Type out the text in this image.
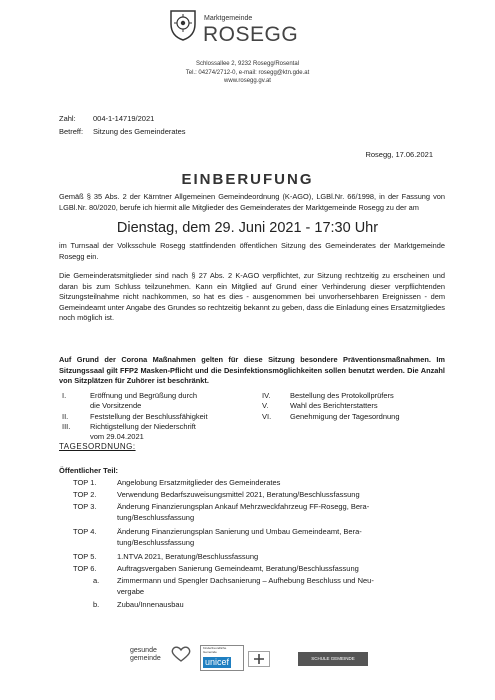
Marktgemeinde
ROSEGG
Schlossallee 2, 9232 Rosegg/Rosental
Tel.: 04274/2712-0, e-mail: rosegg@ktn.gde.at
www.rosegg.gv.at
Zahl: 004-1-14719/2021
Betreff: Sitzung des Gemeinderates
Rosegg, 17.06.2021
EINBERUFUNG
Gemäß § 35 Abs. 2 der Kärntner Allgemeinen Gemeindeordnung (K-AGO), LGBl.Nr. 66/1998, in der Fassung von LGBl.Nr. 80/2020, berufe ich hiermit alle Mitglieder des Gemeinderates der Marktgemeinde Rosegg zu der am
Dienstag, dem 29. Juni 2021 - 17:30 Uhr
im Turnsaal der Volksschule Rosegg stattfindenden öffentlichen Sitzung des Gemeinderates der Marktgemeinde Rosegg ein.
Die Gemeinderatsmitglieder sind nach § 27 Abs. 2 K-AGO verpflichtet, zur Sitzung rechtzeitig zu erscheinen und daran bis zum Schluss teilzunehmen. Kann ein Mitglied auf Grund einer Verhinderung dieser verpflichtenden Sitzungsteilnahme nicht nachkommen, so hat es dies - ausgenommen bei unvorhersehbaren Ereignissen - dem Gemeindeamt unter Angabe des Grundes so rechtzeitig bekannt zu geben, dass die Einladung eines Ersatzmitgliedes noch möglich ist.
Auf Grund der Corona Maßnahmen gelten für diese Sitzung besondere Präventionsmaßnahmen. Im Sitzungssaal gilt FFP2 Masken-Pflicht und die Desinfektionsmöglichkeiten sollen benutzt werden. Die Anzahl von Sitzplätzen für Zuhörer ist beschränkt.
I.	Eröffnung und Begrüßung durch
die Vorsitzende
II.	Feststellung der Beschlussfähigkeit
III.	Richtigstellung der Niederschrift
vom 29.04.2021
IV.	Bestellung des Protokollprüfers
V.	Wahl des Berichterstatters
VI.	Genehmigung der Tagesordnung
TAGESORDNUNG:
Öffentlicher Teil:
TOP 1.	Angelobung Ersatzmitglieder des Gemeinderates
TOP 2.	Verwendung Bedarfszuweisungsmittel 2021, Beratung/Beschlussfassung
TOP 3.	Änderung Finanzierungsplan Ankauf Mehrzweckfahrzeug FF-Rosegg, Bera-
tung/Beschlussfassung
TOP 4.	Änderung Finanzierungsplan Sanierung und Umbau Gemeindeamt, Bera-
tung/Beschlussfassung
TOP 5.	1.NTVA 2021, Beratung/Beschlussfassung
TOP 6.	Auftragsvergaben Sanierung Gemeindeamt, Beratung/Beschlussfassung
a. Zimmermann und Spengler Dachsanierung – Aufhebung Beschluss und Neu-
vergabe
b. Zubau/Innenausbau
gesunde
gemeinde
Kinderfreundliche Gemeinde
unicef	SCHULE GEMEINDE
